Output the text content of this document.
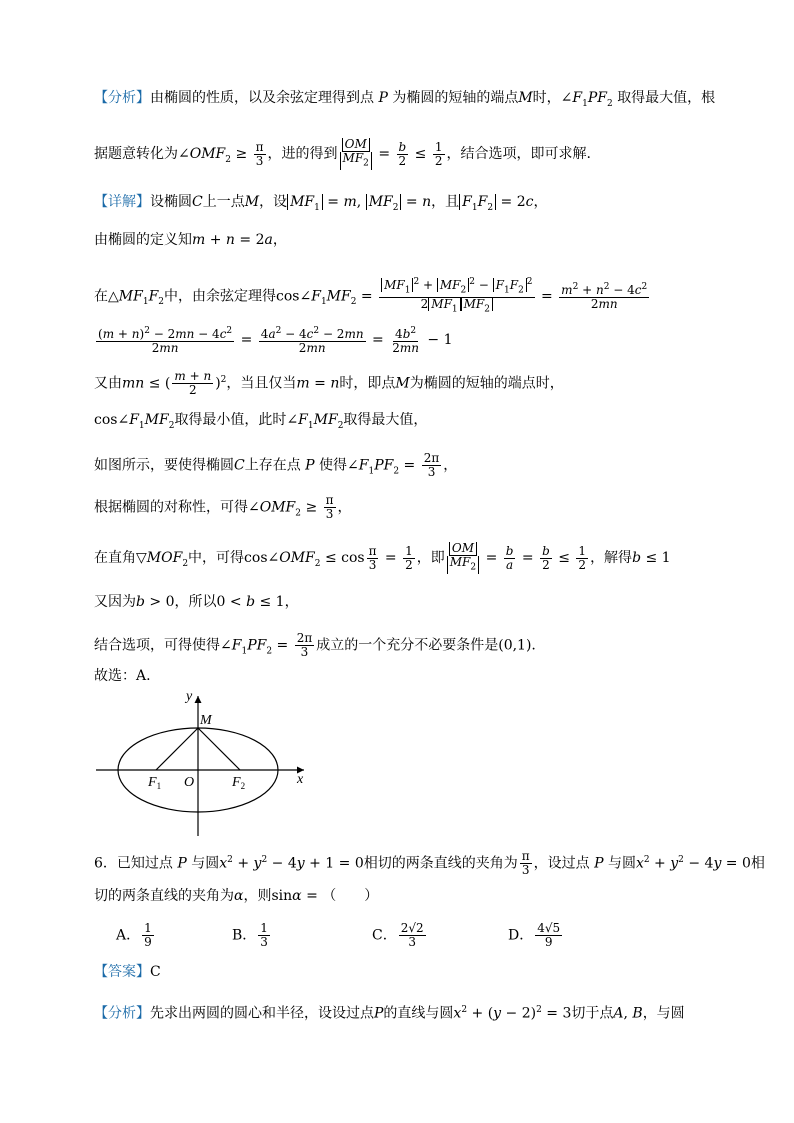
【分析】由椭圆的性质，以及余弦定理得到点 P 为椭圆的短轴的端点M时，$\angle F_1PF_2$ 取得最大值，根
据题意转化为$\angle OMF_2 \ge \frac{\pi}{3}$ ，进的得到 $\frac{OM}{MF_2} = \frac{b}{2} \le \frac{1}{2}$ ，结合选项，即可求解.
【详解】设椭圆C上一点M，设 $MF_1 = m$, $MF_2 = n$，且 $F_1F_2 = 2c$，
由椭圆的定义知m + n = 2a，
在$\triangle MF_1F_2$中，由余弦定理得$\cos\angle F_1MF_2 = \frac{MF_1^2 + MF_2^2 - F_1F_2^2}{2 MF_1 MF_2} = \frac{m^2 + n^2 - 4c^2}{2mn}$
$\frac{(m + n)^2 - 2mn - 4c^2}{2mn} = \frac{4a^2 - 4c^2 - 2mn}{2mn} = \frac{4b^2}{2mn} - 1$
又由mn ≤ ( $\frac{m + n}{2} )^2$，当且仅当m = n时，即点M为椭圆的短轴的端点时，
$\cos\angle F_1MF_2$取得最小值，此时$\angle F_1MF_2$取得最大值，
如图所示，要使得椭圆C上存在点 P 使得$\angle F_1PF_2 = \frac{2\pi}{3}$ ，
根据椭圆的对称性，可得$\angle OMF_2 \ge \frac{\pi}{3}$ ，
在直角$▽MOF_2$中，可得$\cos\angle OMF_2 \le \cos \frac{\pi}{3} = \frac{1}{2}$ ，即 $\frac{OM}{MF_2} = \frac{b}{a} = \frac{b}{2} \le \frac{1}{2}$ ，解得b ≤ 1
又因为b > 0，所以0 < b ≤ 1，
结合选项，可得使得$\angle F_1PF_2 = \frac{2\pi}{3}$ 成立的一个充分不必要条件是(0,1).
故选：A.
y
x
M
O
$F_1$	$F_2$
6．已知过点 P 与圆$x^2 + y^2 - 4y + 1 = 0$相切的两条直线的夹角为 $\frac{\pi}{3}$ ，设过点 P 与圆$x^2 + y^2 - 4y = 0$相
切的两条直线的夹角为α，则sinα = （　　）
A． $\frac{1}{9}$	B． $\frac{1}{3}$	C． $\frac{2√2}{3}$	D． $\frac{4√5}{9}$
【答案】C
【分析】先求出两圆的圆心和半径，设设过点P的直线与圆$x^2 + (y - 2)^2 = 3$切于点A, B，与圆
